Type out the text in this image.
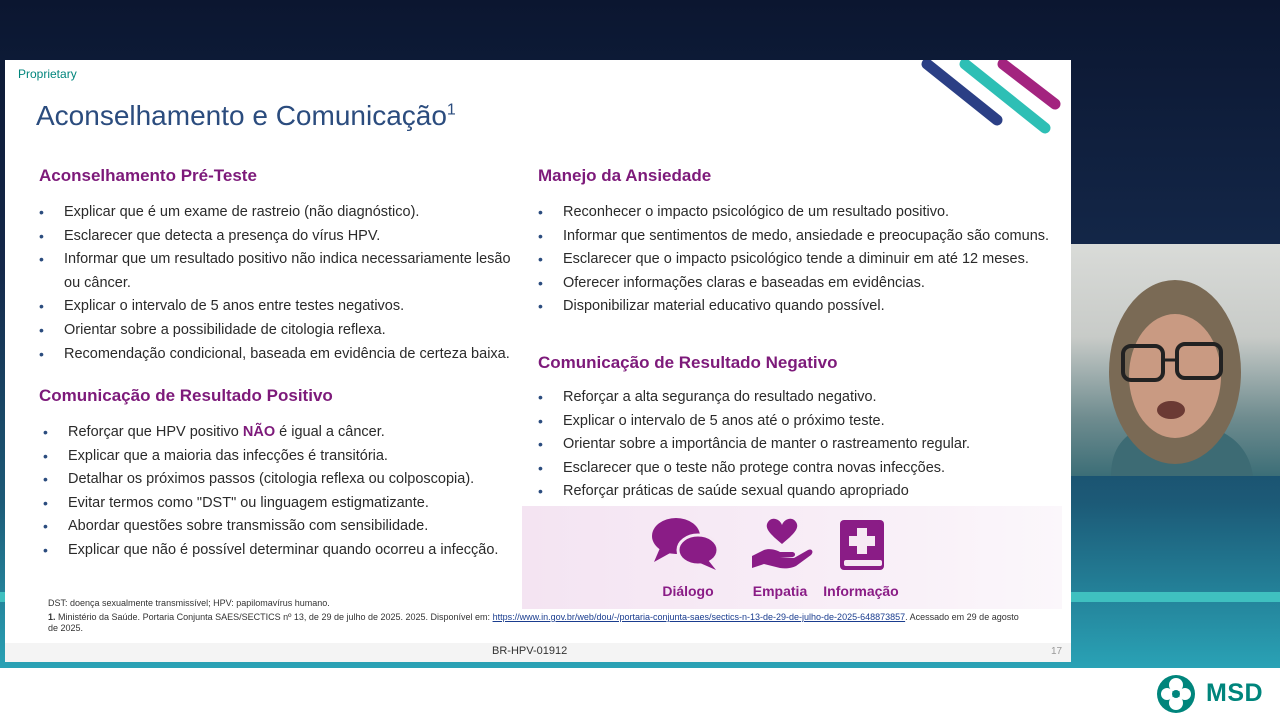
Proprietary
Aconselhamento e Comunicação$^1$
Aconselhamento Pré-Teste
• Explicar que é um exame de rastreio (não diagnóstico).
• Esclarecer que detecta a presença do vírus HPV.
• Informar que um resultado positivo não indica necessariamente lesão ou câncer.
• Explicar o intervalo de 5 anos entre testes negativos.
• Orientar sobre a possibilidade de citologia reflexa.
• Recomendação condicional, baseada em evidência de certeza baixa.
Comunicação de Resultado Positivo
• Reforçar que HPV positivo NÃO é igual a câncer.
• Explicar que a maioria das infecções é transitória.
• Detalhar os próximos passos (citologia reflexa ou colposcopia).
• Evitar termos como "DST" ou linguagem estigmatizante.
• Abordar questões sobre transmissão com sensibilidade.
• Explicar que não é possível determinar quando ocorreu a infecção.
Manejo da Ansiedade
• Reconhecer o impacto psicológico de um resultado positivo.
• Informar que sentimentos de medo, ansiedade e preocupação são comuns.
• Esclarecer que o impacto psicológico tende a diminuir em até 12 meses.
• Oferecer informações claras e baseadas em evidências.
• Disponibilizar material educativo quando possível.
Comunicação de Resultado Negativo
• Reforçar a alta segurança do resultado negativo.
• Explicar o intervalo de 5 anos até o próximo teste.
• Orientar sobre a importância de manter o rastreamento regular.
• Esclarecer que o teste não protege contra novas infecções.
• Reforçar práticas de saúde sexual quando apropriado
Diálogo	Empatia	Informação
DST: doença sexualmente transmissível; HPV: papilomavírus humano.
1. Ministério da Saúde. Portaria Conjunta SAES/SECTICS nº 13, de 29 de julho de 2025. 2025. Disponível em: https://www.in.gov.br/web/dou/-/portaria-conjunta-saes/sectics-n-13-de-29-de-julho-de-2025-648873857. Acessado em 29 de agosto de 2025.
BR-HPV-01912	17
MSD
